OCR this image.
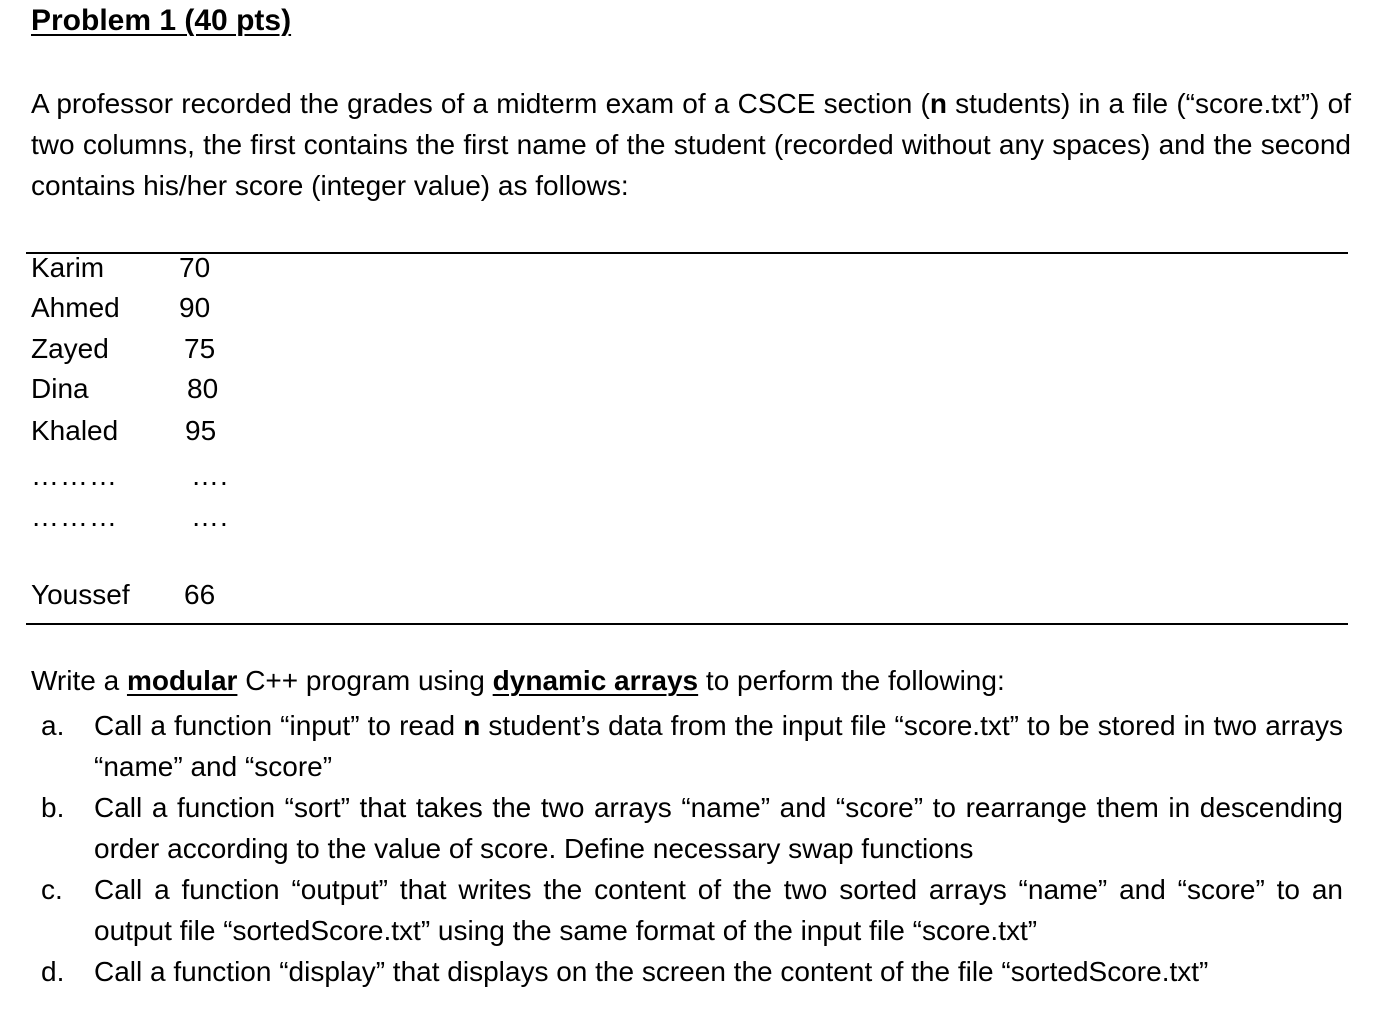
Problem 1 (40 pts)
A professor recorded the grades of a midterm exam of a CSCE section (n students) in a file (“score.txt”) of two columns, the first contains the first name of the student (recorded without any spaces) and the second contains his/her score (integer value) as follows:
Karim	70
Ahmed 90
Zayed	75
Dina	80
Khaled 95
………	….
………	….
Youssef 66
Write a modular C++ program using dynamic arrays to perform the following:
a. Call a function “input” to read n student’s data from the input file “score.txt” to be stored in two arrays “name” and “score”
b. Call a function “sort” that takes the two arrays “name” and “score” to rearrange them in descending order according to the value of score. Define necessary swap functions
c. Call a function “output” that writes the content of the two sorted arrays “name” and “score” to an output file “sortedScore.txt” using the same format of the input file “score.txt”
d. Call a function “display” that displays on the screen the content of the file “sortedScore.txt”
